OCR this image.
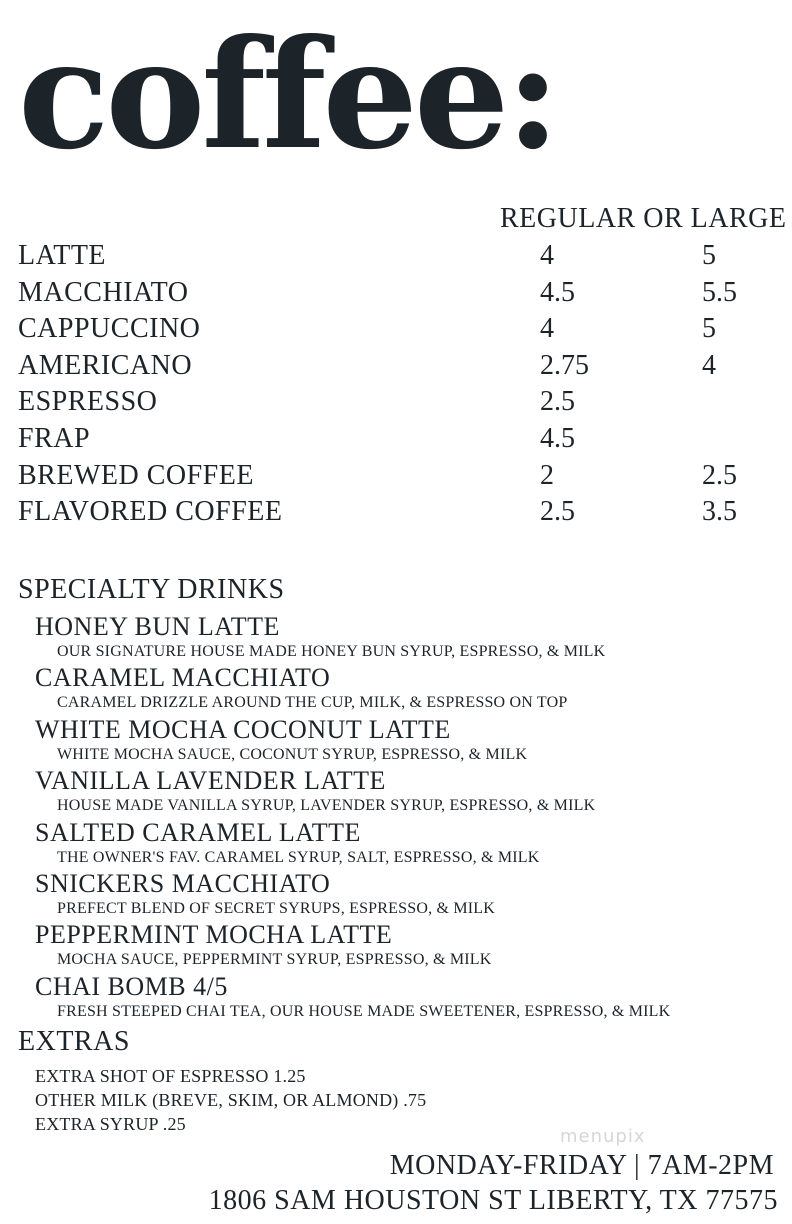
coffee:
REGULAR OR LARGE
LATTE	4	5
MACCHIATO	4.5	5.5
CAPPUCCINO	4	5
AMERICANO	2.75	4
ESPRESSO	2.5
FRAP	4.5
BREWED COFFEE	2	2.5
FLAVORED COFFEE	2.5	3.5
SPECIALTY DRINKS
HONEY BUN LATTE
OUR SIGNATURE HOUSE MADE HONEY BUN SYRUP, ESPRESSO, & MILK
CARAMEL MACCHIATO
CARAMEL DRIZZLE AROUND THE CUP, MILK, & ESPRESSO ON TOP
WHITE MOCHA COCONUT LATTE
WHITE MOCHA SAUCE, COCONUT SYRUP, ESPRESSO, & MILK
VANILLA LAVENDER LATTE
HOUSE MADE VANILLA SYRUP, LAVENDER SYRUP, ESPRESSO, & MILK
SALTED CARAMEL LATTE
THE OWNER'S FAV. CARAMEL SYRUP, SALT, ESPRESSO, & MILK
SNICKERS MACCHIATO
PREFECT BLEND OF SECRET SYRUPS, ESPRESSO, & MILK
PEPPERMINT MOCHA LATTE
MOCHA SAUCE, PEPPERMINT SYRUP, ESPRESSO, & MILK
CHAI BOMB 4/5
FRESH STEEPED CHAI TEA, OUR HOUSE MADE SWEETENER, ESPRESSO, & MILK
EXTRAS
EXTRA SHOT OF ESPRESSO 1.25
OTHER MILK (BREVE, SKIM, OR ALMOND) .75
EXTRA SYRUP .25
menupix
MONDAY-FRIDAY | 7AM-2PM
1806 SAM HOUSTON ST LIBERTY, TX 77575
